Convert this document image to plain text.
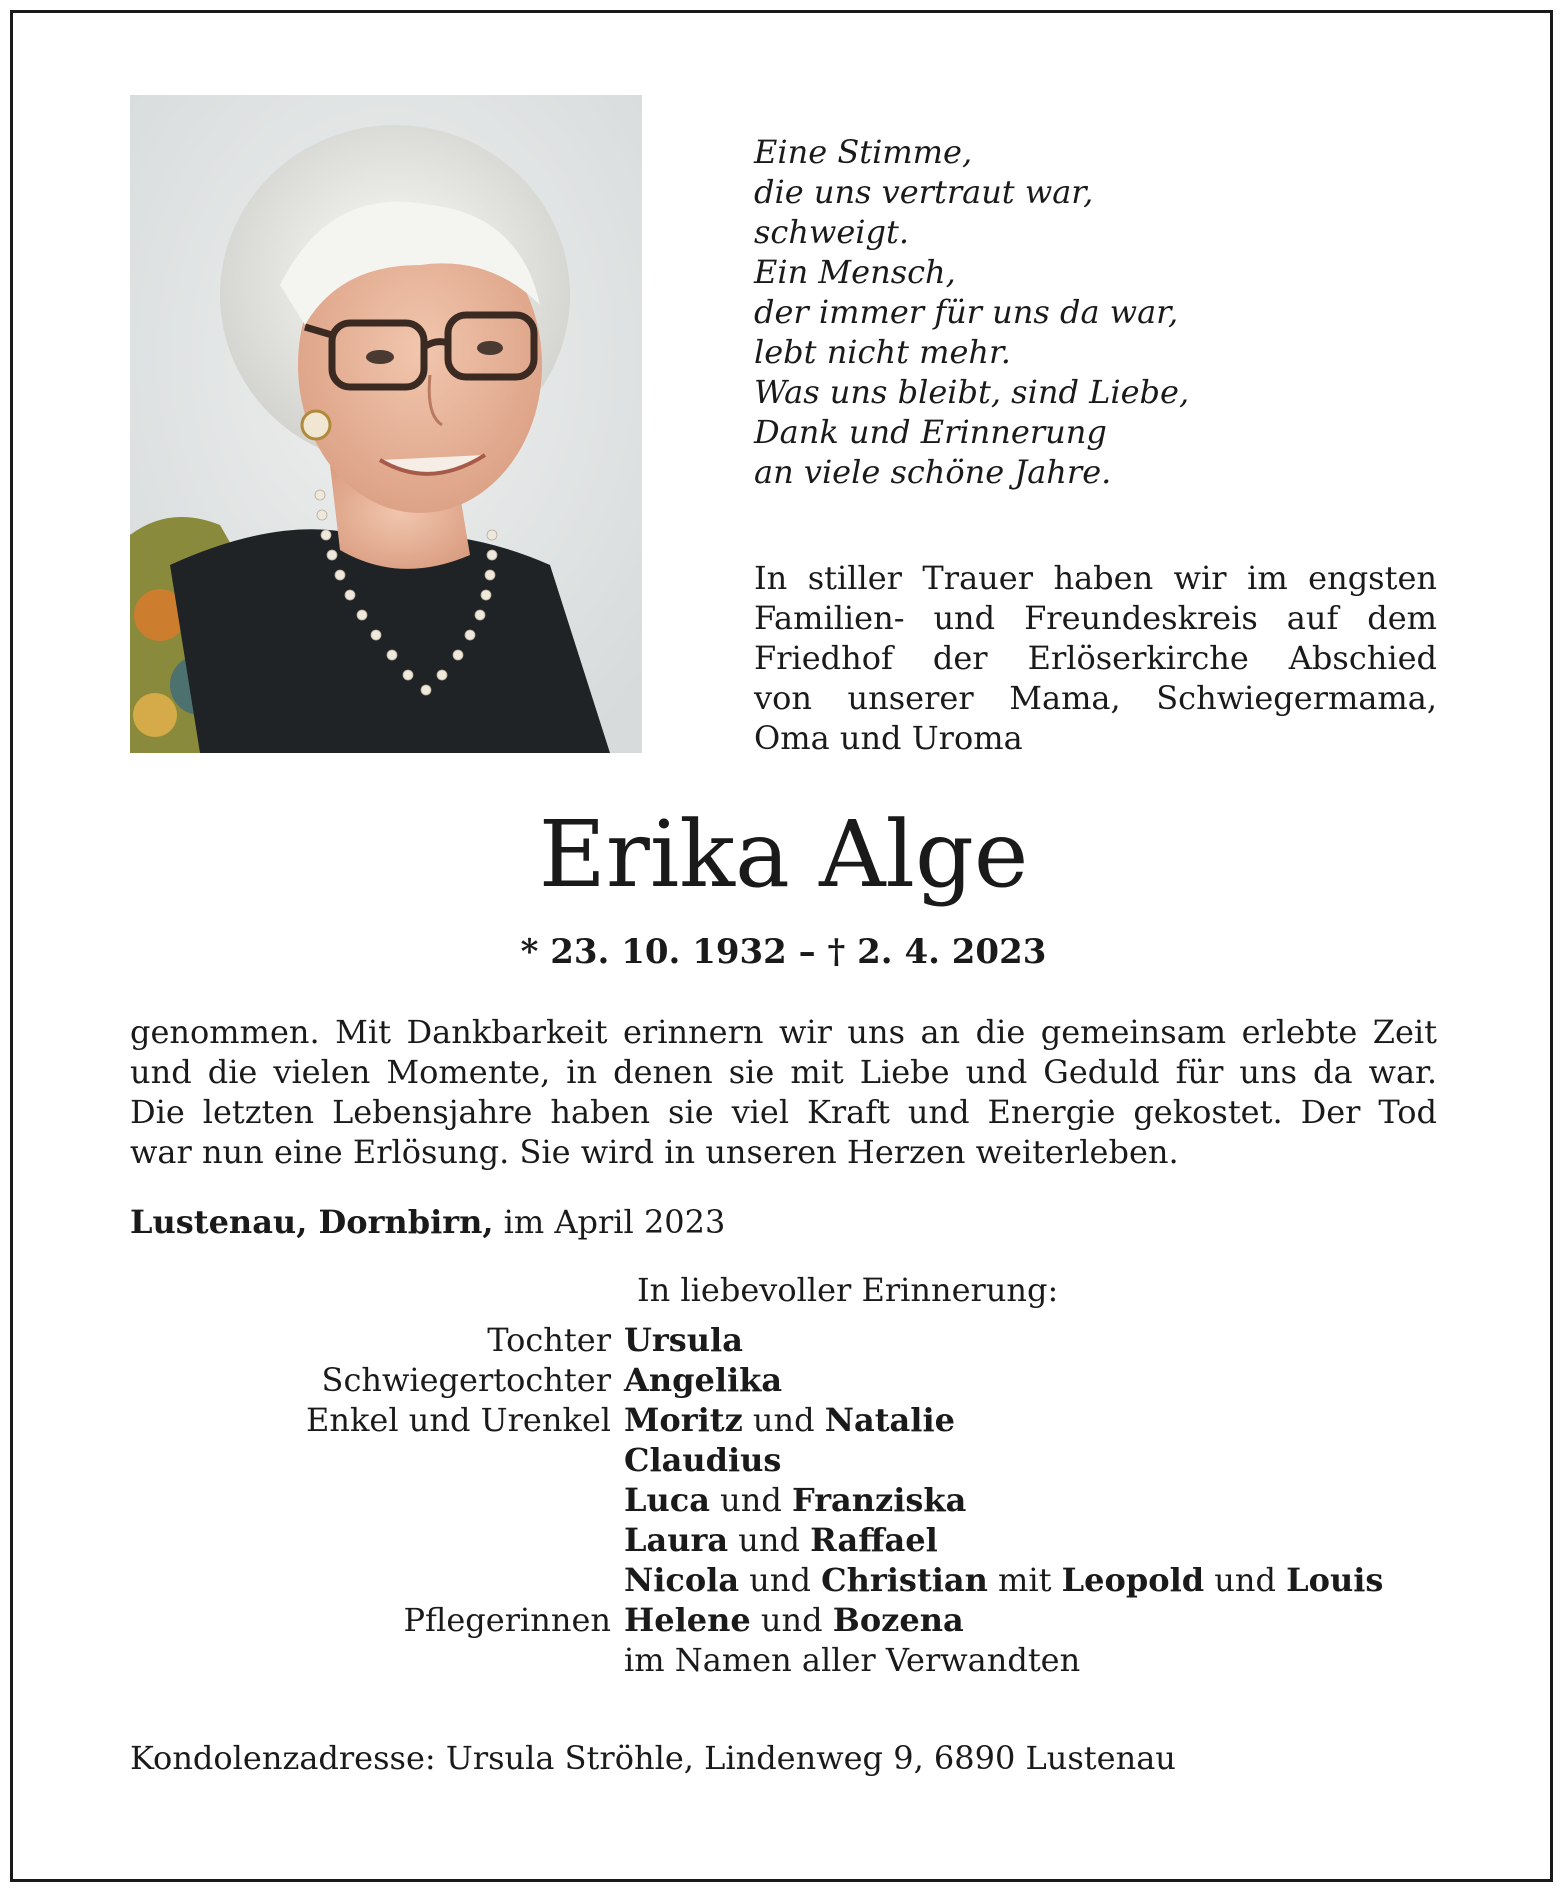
Eine Stimme,
die uns vertraut war,
schweigt.
Ein Mensch,
der immer für uns da war,
lebt nicht mehr.
Was uns bleibt, sind Liebe,
Dank und Erinnerung
an viele schöne Jahre.
In stiller Trauer haben wir im engsten
Familien- und Freundeskreis auf dem
Friedhof der Erlöserkirche Abschied
von unserer Mama, Schwiegermama,
Oma und Uroma
Erika Alge
* 23. 10. 1932 – † 2. 4. 2023
genommen. Mit Dankbarkeit erinnern wir uns an die gemeinsam erlebte Zeit
und die vielen Momente, in denen sie mit Liebe und Geduld für uns da war.
Die letzten Lebensjahre haben sie viel Kraft und Energie gekostet. Der Tod
war nun eine Erlösung. Sie wird in unseren Herzen weiterleben.
Lustenau, Dornbirn, im April 2023
In liebevoller Erinnerung:
Tochter Ursula
Schwiegertochter Angelika
Enkel und Urenkel Moritz und Natalie
Claudius
Luca und Franziska
Laura und Raffael
Nicola und Christian mit Leopold und Louis
Pflegerinnen Helene und Bozena
im Namen aller Verwandten
Kondolenzadresse: Ursula Ströhle, Lindenweg 9, 6890 Lustenau
